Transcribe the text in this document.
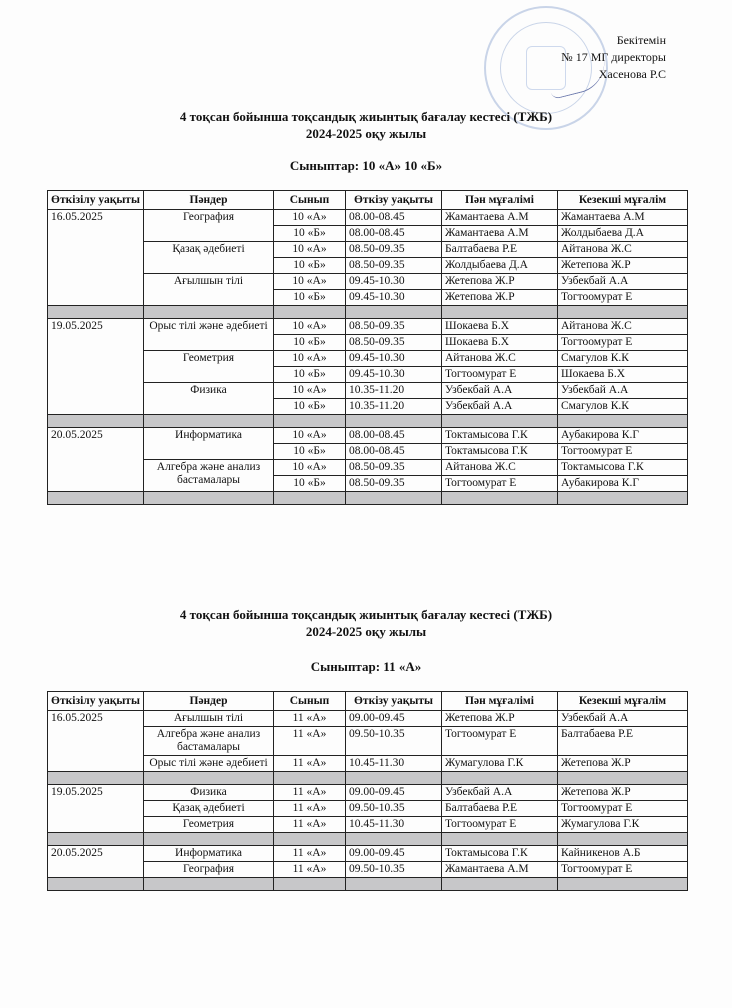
Бекітемін
№ 17 МГ директоры
Хасенова Р.С
4 тоқсан бойынша тоқсандық жиынтық бағалау кестесі (ТЖБ)
2024-2025 оқу жылы
Сыныптар: 10 «А» 10 «Б»
Өткізілу уақыты	Пәндер	Сынып	Өткізу уақыты	Пән мұғалімі	Кезекші мұғалім
16.05.2025	География	10 «А»	08.00-08.45	Жамантаева А.М	Жамантаева А.М
		10 «Б»	08.00-08.45	Жамантаева А.М	Жолдыбаева Д.А
	Қазақ әдебиеті	10 «А»	08.50-09.35	Балтабаева Р.Е	Айтанова Ж.С
		10 «Б»	08.50-09.35	Жолдыбаева Д.А	Жетепова Ж.Р
	Ағылшын тілі	10 «А»	09.45-10.30	Жетепова Ж.Р	Узбекбай А.А
		10 «Б»	09.45-10.30	Жетепова Ж.Р	Тогтоомурат Е

19.05.2025	Орыс тілі және әдебиеті	10 «А»	08.50-09.35	Шокаева Б.Х	Айтанова Ж.С
		10 «Б»	08.50-09.35	Шокаева Б.Х	Тогтоомурат Е
	Геометрия	10 «А»	09.45-10.30	Айтанова Ж.С	Смагулов К.К
		10 «Б»	09.45-10.30	Тогтоомурат Е	Шокаева Б.Х
	Физика	10 «А»	10.35-11.20	Узбекбай А.А	Узбекбай А.А
		10 «Б»	10.35-11.20	Узбекбай А.А	Смагулов К.К

20.05.2025	Информатика	10 «А»	08.00-08.45	Токтамысова Г.К	Аубакирова К.Г
		10 «Б»	08.00-08.45	Токтамысова Г.К	Тогтоомурат Е
	Алгебра және анализ бастамалары	10 «А»	08.50-09.35	Айтанова Ж.С	Токтамысова Г.К
		10 «Б»	08.50-09.35	Тогтоомурат Е	Аубакирова К.Г

4 тоқсан бойынша тоқсандық жиынтық бағалау кестесі (ТЖБ)
2024-2025 оқу жылы
Сыныптар: 11 «А»
Өткізілу уақыты	Пәндер	Сынып	Өткізу уақыты	Пән мұғалімі	Кезекші мұғалім
16.05.2025	Ағылшын тілі	11 «А»	09.00-09.45	Жетепова Ж.Р	Узбекбай А.А
	Алгебра және анализ бастамалары	11 «А»	09.50-10.35	Тогтоомурат Е	Балтабаева Р.Е
	Орыс тілі және әдебиеті	11 «А»	10.45-11.30	Жумагулова Г.К	Жетепова Ж.Р

19.05.2025	Физика	11 «А»	09.00-09.45	Узбекбай А.А	Жетепова Ж.Р
	Қазақ әдебиеті	11 «А»	09.50-10.35	Балтабаева Р.Е	Тогтоомурат Е
	Геометрия	11 «А»	10.45-11.30	Тогтоомурат Е	Жумагулова Г.К

20.05.2025	Информатика	11 «А»	09.00-09.45	Токтамысова Г.К	Кайникенов А.Б
	География	11 «А»	09.50-10.35	Жамантаева А.М	Тогтоомурат Е
